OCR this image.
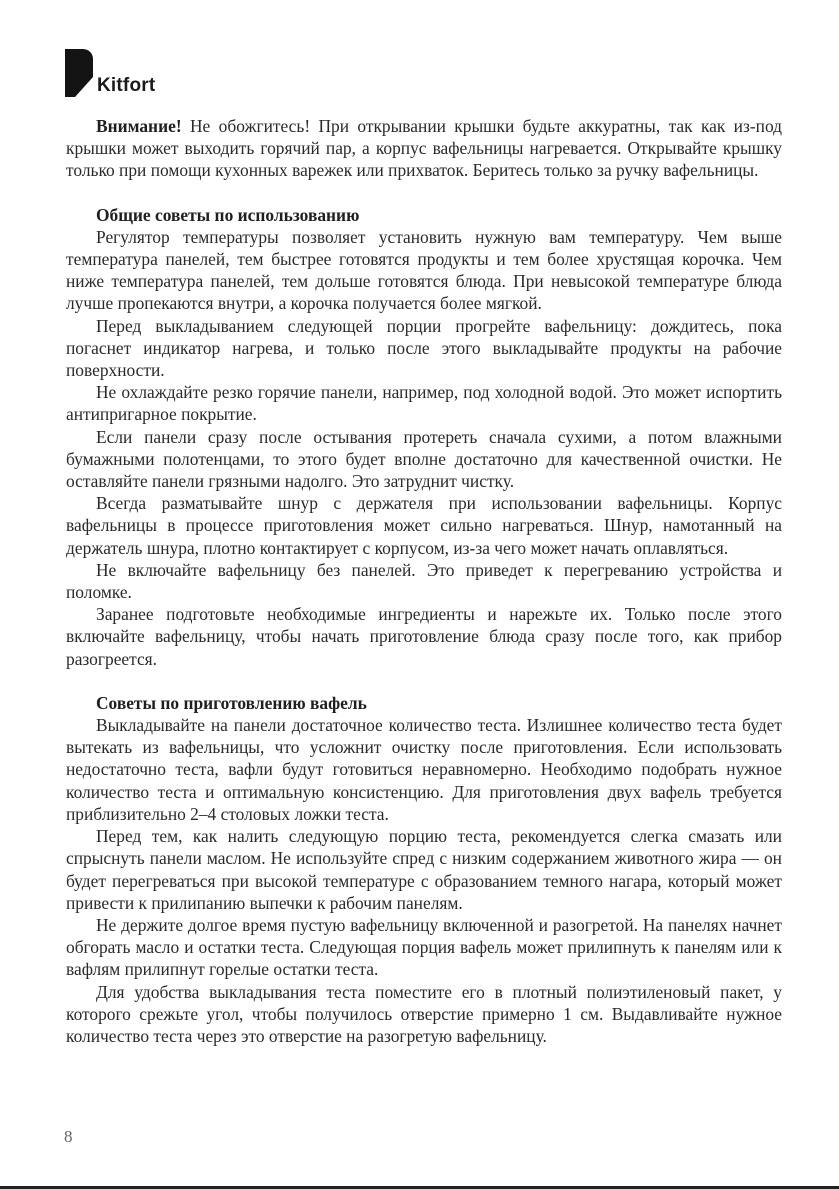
Kitfort

Внимание! Не обожгитесь! При открывании крышки будьте аккуратны, так как из-под крышки может выходить горячий пар, а корпус вафельницы нагревается. Открывайте крышку только при помощи кухонных варежек или прихваток. Беритесь только за ручку вафельницы.

Общие советы по использованию

Регулятор температуры позволяет установить нужную вам температуру. Чем выше температура панелей, тем быстрее готовятся продукты и тем более хрустящая корочка. Чем ниже температура панелей, тем дольше готовятся блюда. При невысокой температуре блюда лучше пропекаются внутри, а корочка получается более мягкой.

Перед выкладыванием следующей порции прогрейте вафельницу: дождитесь, пока погаснет индикатор нагрева, и только после этого выкладывайте продукты на рабочие поверхности.

Не охлаждайте резко горячие панели, например, под холодной водой. Это может испортить антипригарное покрытие.

Если панели сразу после остывания протереть сначала сухими, а потом влажными бумажными полотенцами, то этого будет вполне достаточно для качественной очистки. Не оставляйте панели грязными надолго. Это затруднит чистку.

Всегда разматывайте шнур с держателя при использовании вафельницы. Корпус вафельницы в процессе приготовления может сильно нагреваться. Шнур, намотанный на держатель шнура, плотно контактирует с корпусом, из-за чего может начать оплавляться.

Не включайте вафельницу без панелей. Это приведет к перегреванию устройства и поломке.

Заранее подготовьте необходимые ингредиенты и нарежьте их. Только после этого включайте вафельницу, чтобы начать приготовление блюда сразу после того, как прибор разогреется.

Советы по приготовлению вафель

Выкладывайте на панели достаточное количество теста. Излишнее количество теста будет вытекать из вафельницы, что усложнит очистку после приготовления. Если использовать недостаточно теста, вафли будут готовиться неравномерно. Необходимо подобрать нужное количество теста и оптимальную консистенцию. Для приготовления двух вафель требуется приблизительно 2–4 столовых ложки теста.

Перед тем, как налить следующую порцию теста, рекомендуется слегка смазать или спрыснуть панели маслом. Не используйте спред с низким содержанием животного жира — он будет перегреваться при высокой температуре с образованием темного нагара, который может привести к прилипанию выпечки к рабочим панелям.

Не держите долгое время пустую вафельницу включенной и разогретой. На панелях начнет обгорать масло и остатки теста. Следующая порция вафель может прилипнуть к панелям или к вафлям прилипнут горелые остатки теста.

Для удобства выкладывания теста поместите его в плотный полиэтиленовый пакет, у которого срежьте угол, чтобы получилось отверстие примерно 1 см. Выдавливайте нужное количество теста через это отверстие на разогретую вафельницу.

8
